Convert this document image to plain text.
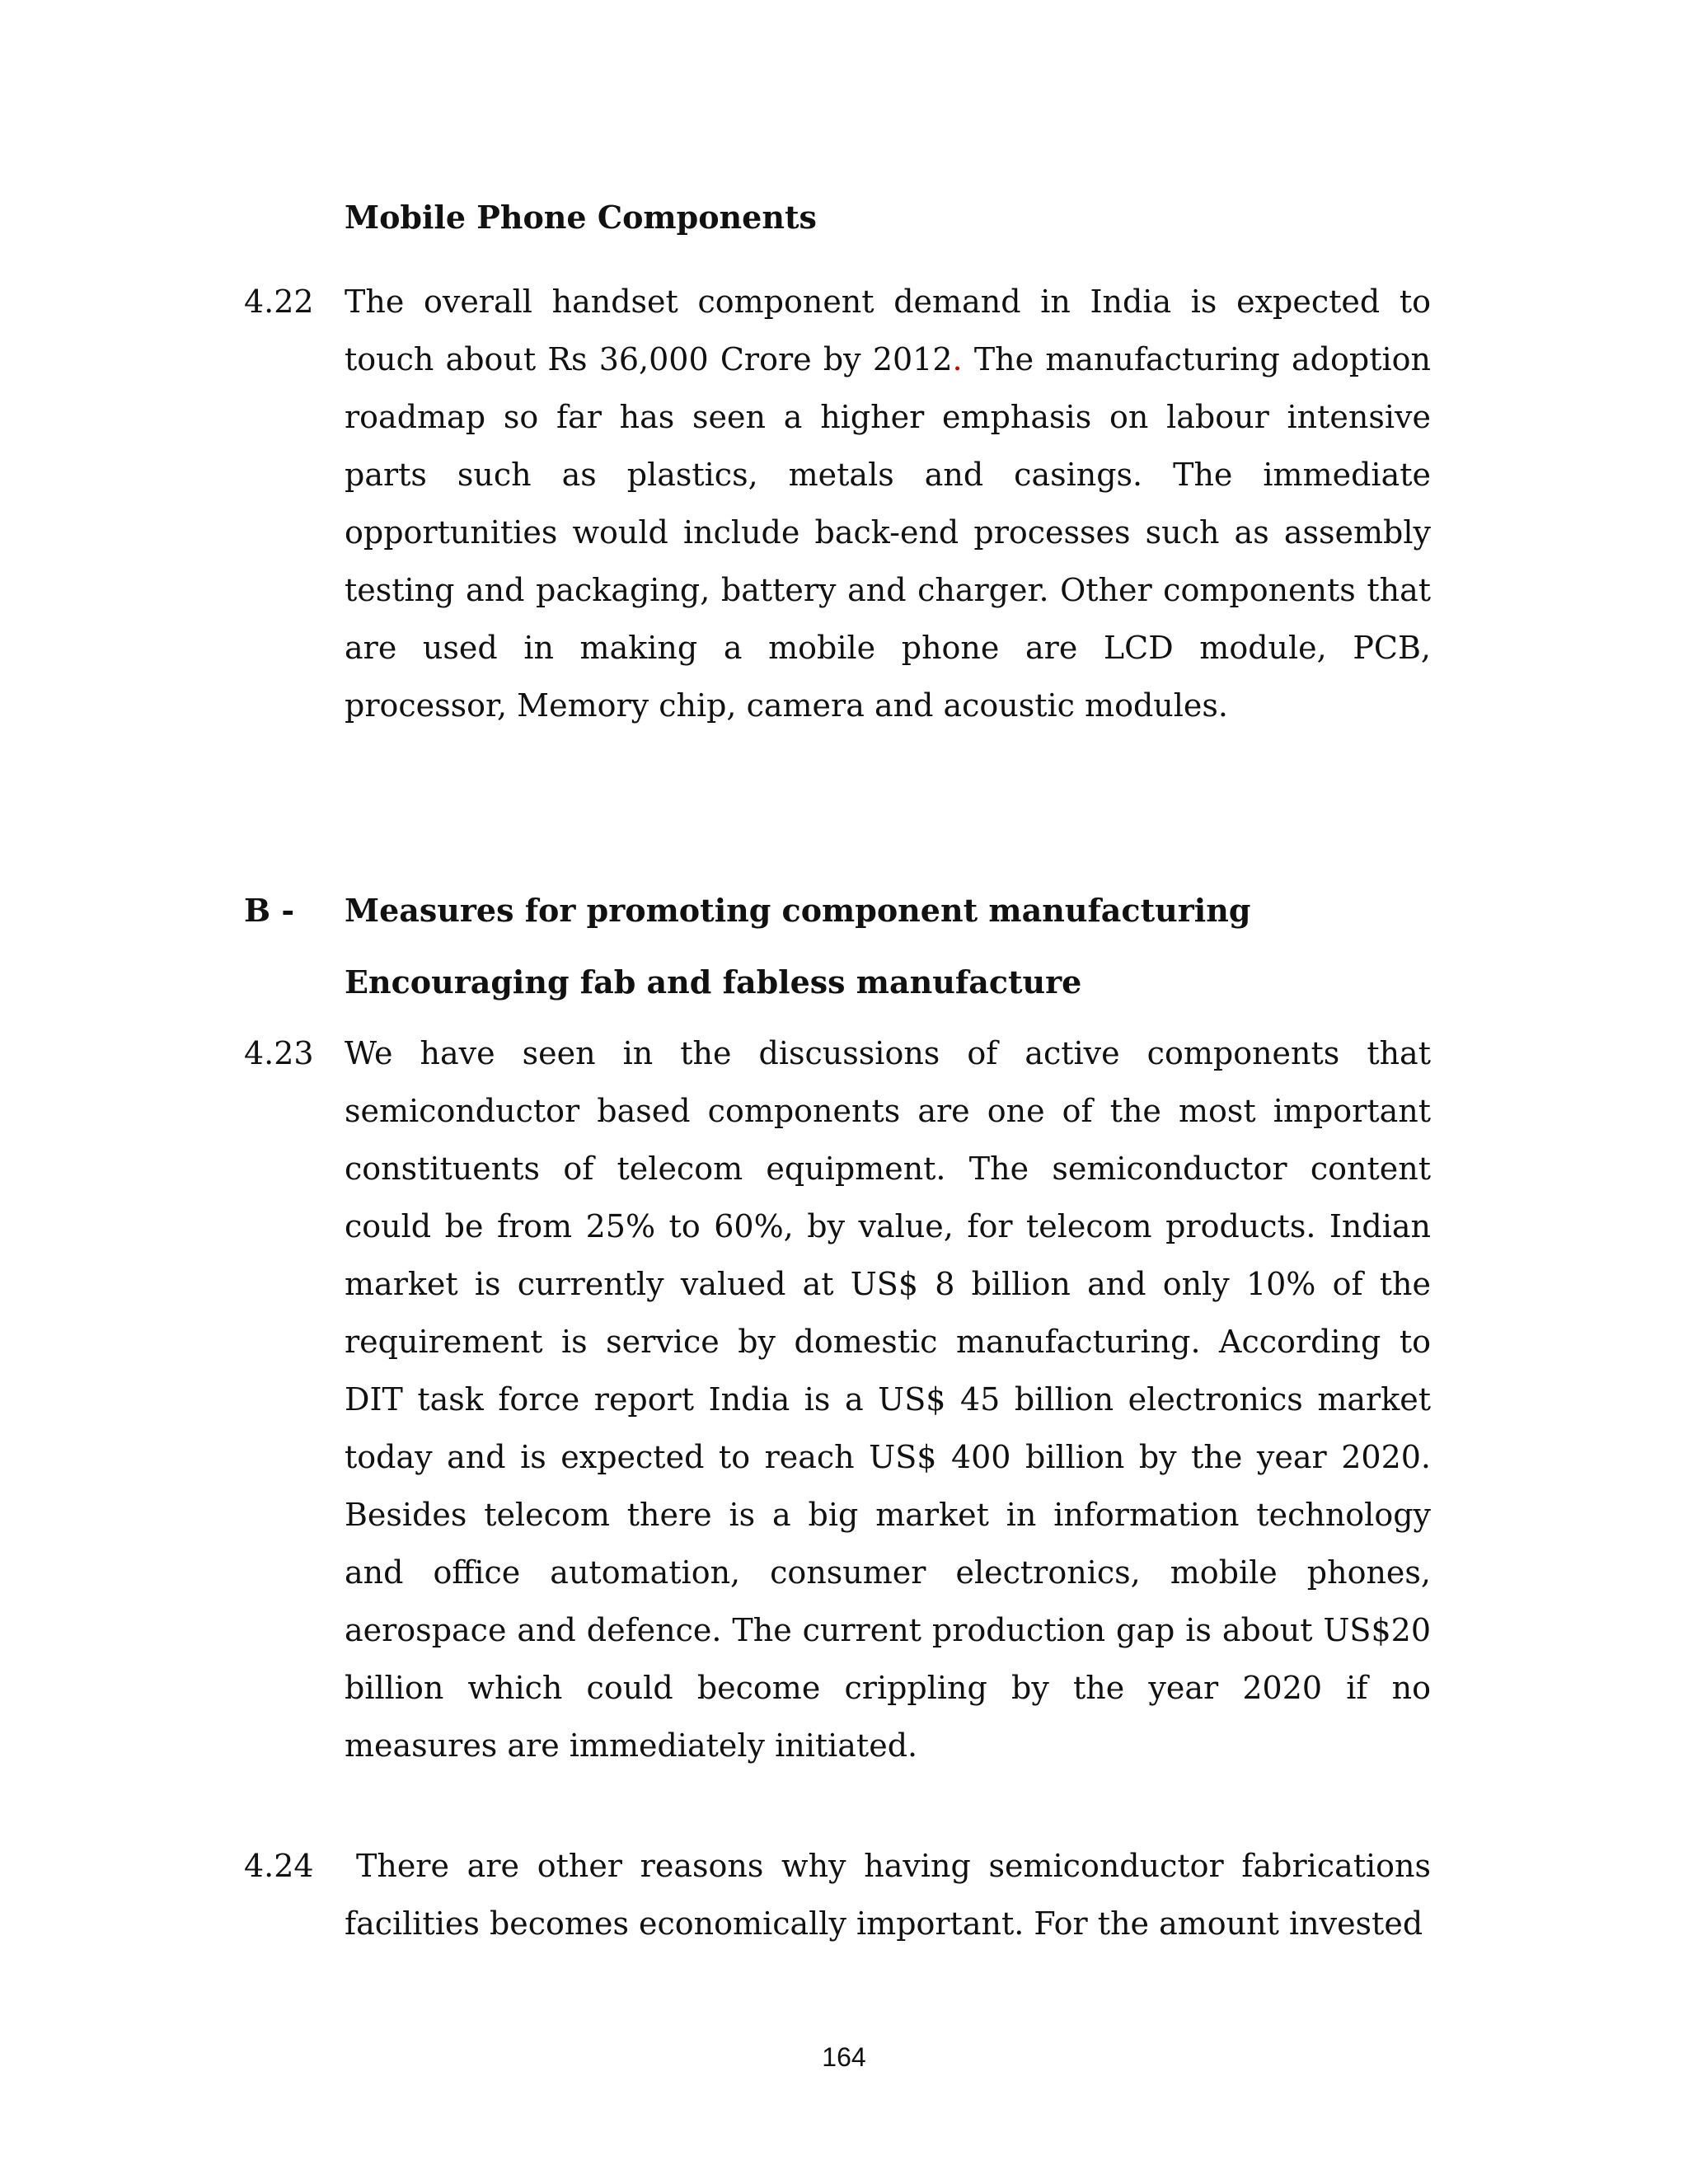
Mobile Phone Components
4.22 The overall handset component demand in India is expected to touch about Rs 36,000 Crore by 2012. The manufacturing adoption roadmap so far has seen a higher emphasis on labour intensive parts such as plastics, metals and casings. The immediate opportunities would include back-end processes such as assembly testing and packaging, battery and charger. Other components that are used in making a mobile phone are LCD module, PCB, processor, Memory chip, camera and acoustic modules.
B - Measures for promoting component manufacturing
Encouraging fab and fabless manufacture
4.23 We have seen in the discussions of active components that semiconductor based components are one of the most important constituents of telecom equipment. The semiconductor content could be from 25% to 60%, by value, for telecom products. Indian market is currently valued at US$ 8 billion and only 10% of the requirement is service by domestic manufacturing. According to DIT task force report India is a US$ 45 billion electronics market today and is expected to reach US$ 400 billion by the year 2020. Besides telecom there is a big market in information technology and office automation, consumer electronics, mobile phones, aerospace and defence. The current production gap is about US$20 billion which could become crippling by the year 2020 if no measures are immediately initiated.
4.24	There are other reasons why having semiconductor fabrications facilities becomes economically important. For the amount invested
164
